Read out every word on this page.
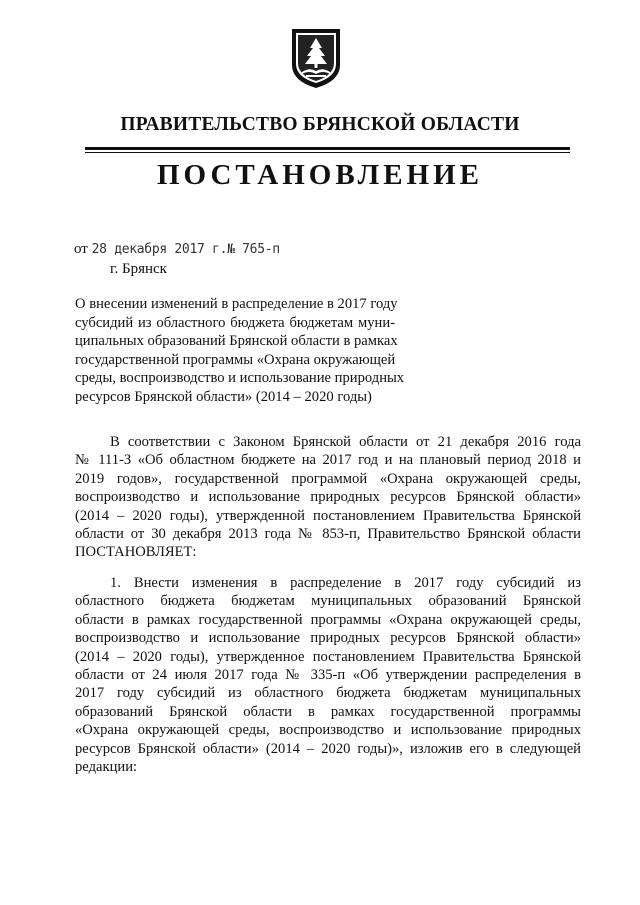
ПРАВИТЕЛЬСТВО БРЯНСКОЙ ОБЛАСТИ
ПОСТАНОВЛЕНИЕ
от 28 декабря 2017 г.№ 765-п
г. Брянск
О внесении изменений в распределение в 2017 году
субсидий из областного бюджета бюджетам муни-
ципальных образований Брянской области в рамках
государственной программы «Охрана окружающей
среды, воспроизводство и использование природных
ресурсов Брянской области» (2014 – 2020 годы)
В соответствии с Законом Брянской области от 21 декабря 2016 года
№ 111-З «Об областном бюджете на 2017 год и на плановый период 2018 и
2019 годов», государственной программой «Охрана окружающей среды,
воспроизводство и использование природных ресурсов Брянской области»
(2014 – 2020 годы), утвержденной постановлением Правительства Брянской
области от 30 декабря 2013 года № 853-п, Правительство Брянской области
ПОСТАНОВЛЯЕТ:
1. Внести изменения в распределение в 2017 году субсидий из
областного бюджета бюджетам муниципальных образований Брянской
области в рамках государственной программы «Охрана окружающей среды,
воспроизводство и использование природных ресурсов Брянской области»
(2014 – 2020 годы), утвержденное постановлением Правительства Брянской
области от 24 июля 2017 года № 335-п «Об утверждении распределения в
2017 году субсидий из областного бюджета бюджетам муниципальных
образований Брянской области в рамках государственной программы
«Охрана окружающей среды, воспроизводство и использование природных
ресурсов Брянской области» (2014 – 2020 годы)», изложив его в следующей
редакции:
